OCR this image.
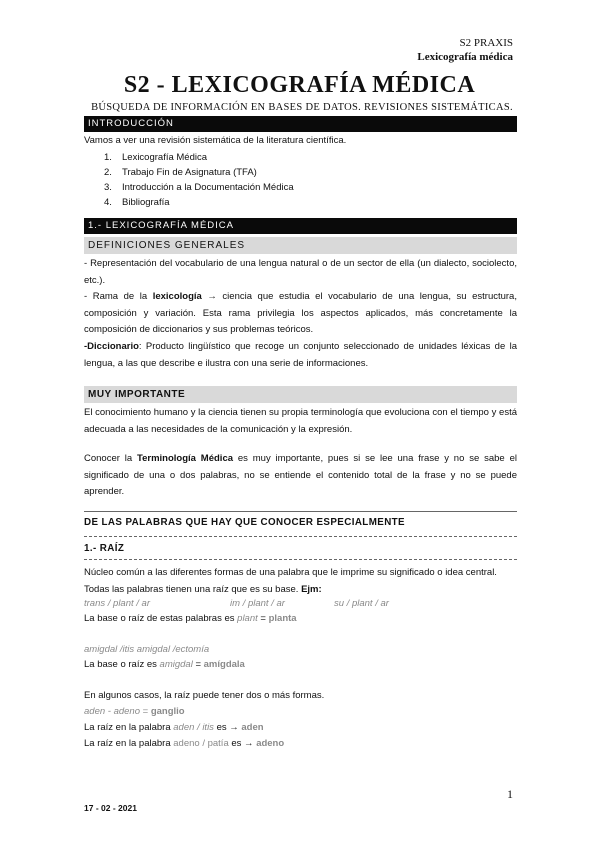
S2 PRAXIS
Lexicografía médica
S2 - LEXICOGRAFÍA MÉDICA
BÚSQUEDA DE INFORMACIÓN EN BASES DE DATOS. REVISIONES SISTEMÁTICAS.
INTRODUCCIÓN
Vamos a ver una revisión sistemática de la literatura científica.
1. Lexicografía Médica
2. Trabajo Fin de Asignatura (TFA)
3. Introducción a la Documentación Médica
4. Bibliografía
1.- LEXICOGRAFÍA MÉDICA
DEFINICIONES GENERALES
- Representación del vocabulario de una lengua natural o de un sector de ella (un dialecto, sociolecto, etc.).
- Rama de la lexicología → ciencia que estudia el vocabulario de una lengua, su estructura, composición y variación. Esta rama privilegia los aspectos aplicados, más concretamente la composición de diccionarios y sus problemas teóricos.
-Diccionario: Producto lingüístico que recoge un conjunto seleccionado de unidades léxicas de la lengua, a las que describe e ilustra con una serie de informaciones.
MUY IMPORTANTE
El conocimiento humano y la ciencia tienen su propia terminología que evoluciona con el tiempo y está adecuada a las necesidades de la comunicación y la expresión.
Conocer la Terminología Médica es muy importante, pues si se lee una frase y no se sabe el significado de una o dos palabras, no se entiende el contenido total de la frase y no se puede aprender.
DE LAS PALABRAS QUE HAY QUE CONOCER ESPECIALMENTE
1.- RAÍZ
Núcleo común a las diferentes formas de una palabra que le imprime su significado o idea central. Todas las palabras tienen una raíz que es su base. Ejm:
trans / plant / ar	im / plant / ar	su / plant / ar
La base o raíz de estas palabras es plant = planta
amigdal /itis amigdal /ectomía
La base o raíz es amigdal = amígdala
En algunos casos, la raíz puede tener dos o más formas.
aden - adeno = ganglio
La raíz en la palabra aden / itis es → aden
La raíz en la palabra adeno / patía es → adeno
1
17 - 02 - 2021
